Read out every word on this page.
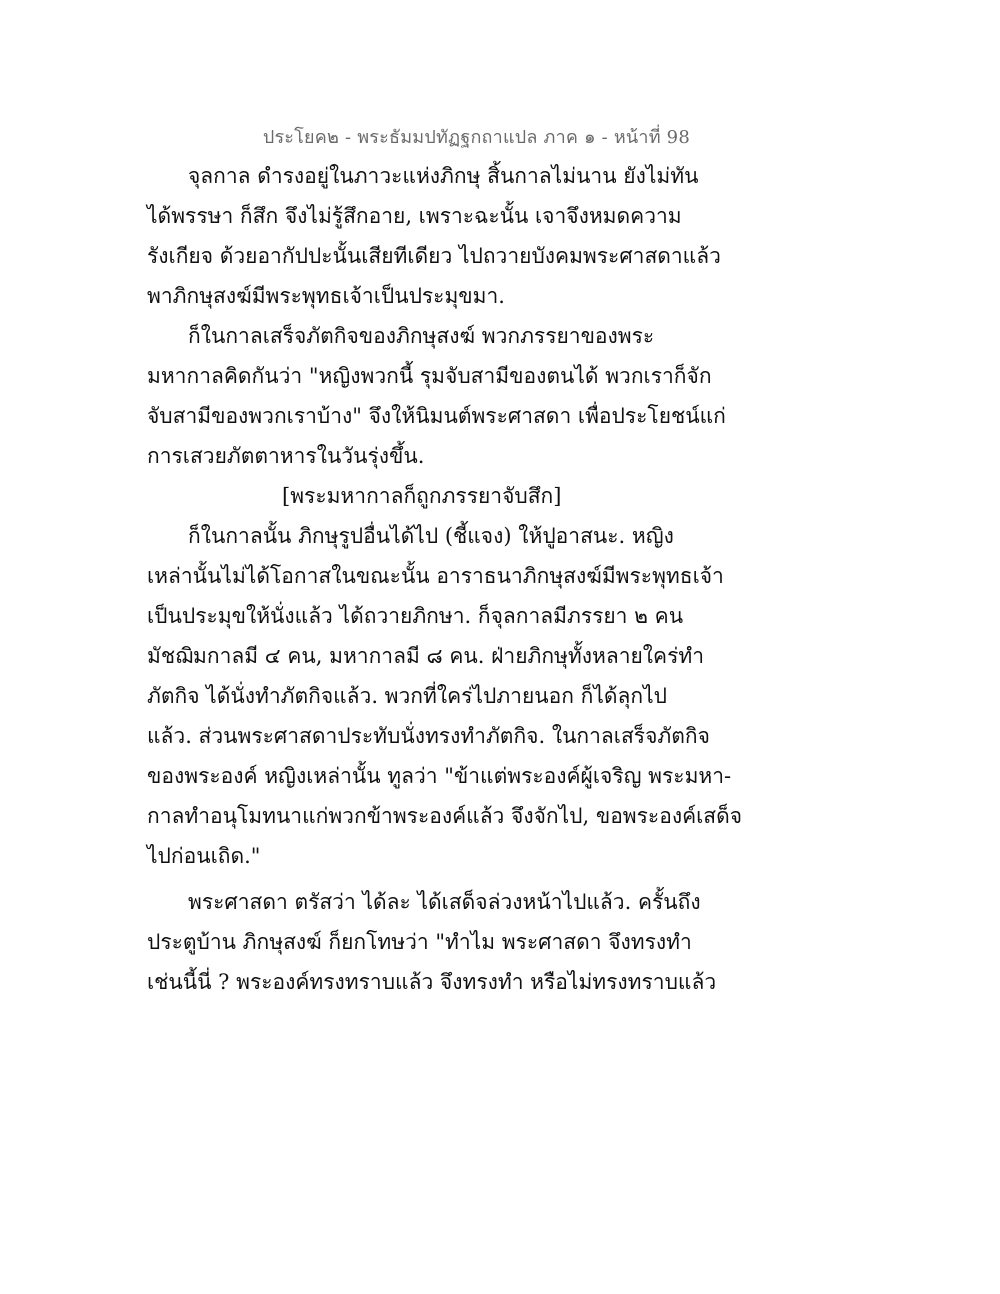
ประโยค๒ - พระธัมมปทัฏฐกถาแปล ภาค ๑ - หน้าที่ 98
จุลกาล ดำรงอยู่ในภาวะแห่งภิกษุ สิ้นกาลไม่นาน ยังไม่ทัน
ได้พรรษา ก็สึก จึงไม่รู้สึกอาย, เพราะฉะนั้น เจาจึงหมดความ
รังเกียจ ด้วยอากัปปะนั้นเสียทีเดียว ไปถวายบังคมพระศาสดาแล้ว
พาภิกษุสงฆ์มีพระพุทธเจ้าเป็นประมุขมา.
ก็ในกาลเสร็จภัตกิจของภิกษุสงฆ์ พวกภรรยาของพระ
มหากาลคิดกันว่า "หญิงพวกนี้ รุมจับสามีของตนได้ พวกเราก็จัก
จับสามีของพวกเราบ้าง" จึงให้นิมนต์พระศาสดา เพื่อประโยชน์แก่
การเสวยภัตตาหารในวันรุ่งขึ้น.
[พระมหากาลก็ถูกภรรยาจับสึก]
ก็ในกาลนั้น ภิกษุรูปอื่นได้ไป (ชี้แจง) ให้ปูอาสนะ. หญิง
เหล่านั้นไม่ได้โอกาสในขณะนั้น อาราธนาภิกษุสงฆ์มีพระพุทธเจ้า
เป็นประมุขให้นั่งแล้ว ได้ถวายภิกษา. ก็จุลกาลมีภรรยา ๒ คน
มัชฌิมกาลมี ๔ คน, มหากาลมี ๘ คน. ฝ่ายภิกษุทั้งหลายใคร่ทำ
ภัตกิจ ได้นั่งทำภัตกิจแล้ว. พวกที่ใคร่ไปภายนอก ก็ได้ลุกไป
แล้ว. ส่วนพระศาสดาประทับนั่งทรงทำภัตกิจ. ในกาลเสร็จภัตกิจ
ของพระองค์ หญิงเหล่านั้น ทูลว่า "ข้าแต่พระองค์ผู้เจริญ พระมหา-
กาลทำอนุโมทนาแก่พวกข้าพระองค์แล้ว จึงจักไป, ขอพระองค์เสด็จ
ไปก่อนเถิด."
พระศาสดา ตรัสว่า ได้ละ ได้เสด็จล่วงหน้าไปแล้ว. ครั้นถึง
ประตูบ้าน ภิกษุสงฆ์ ก็ยกโทษว่า "ทำไม พระศาสดา จึงทรงทำ
เช่นนี้นี่ ? พระองค์ทรงทราบแล้ว จึงทรงทำ หรือไม่ทรงทราบแล้ว
